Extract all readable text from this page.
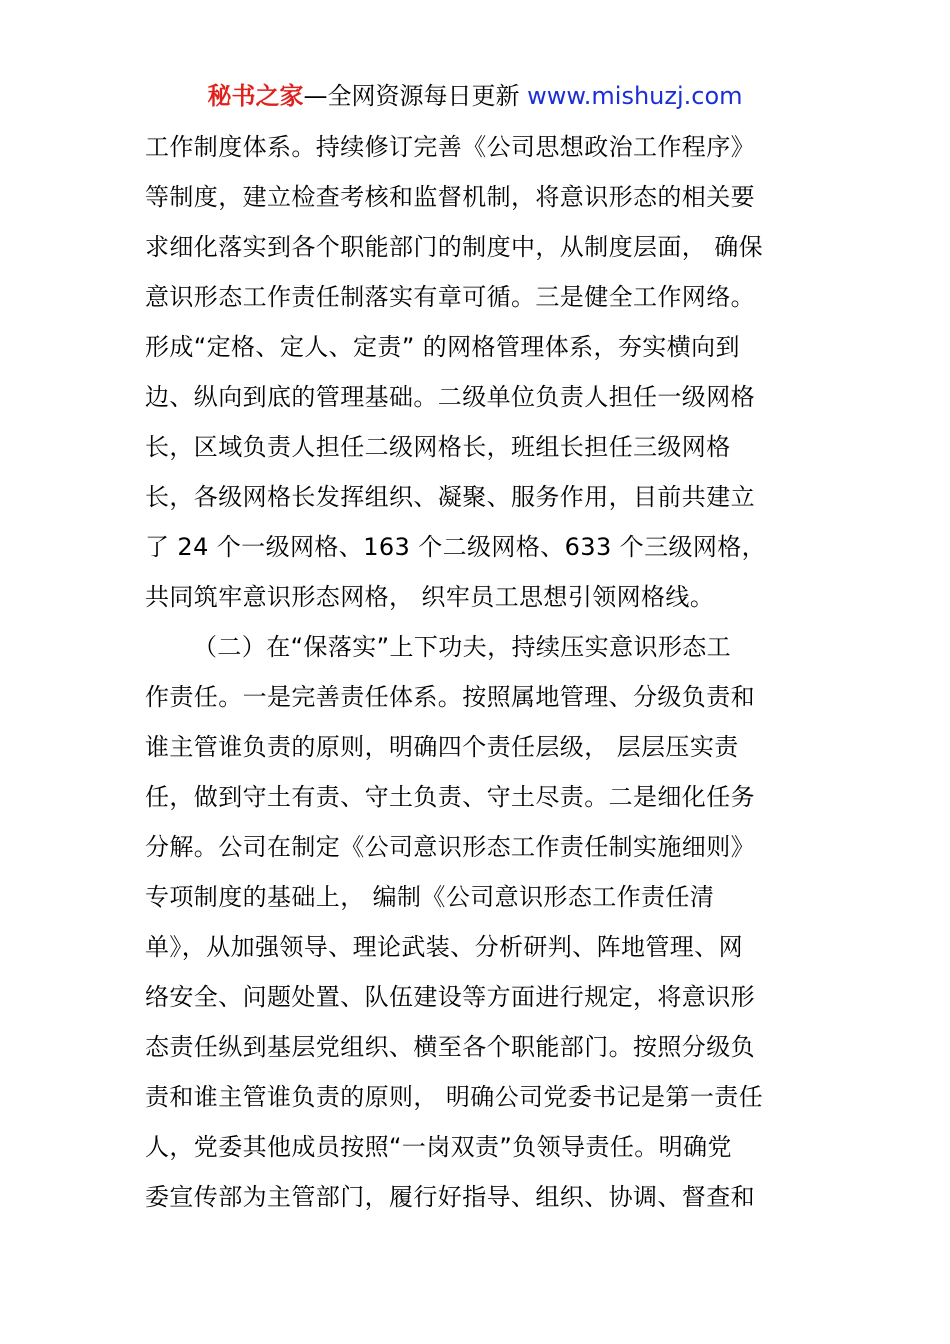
秘书之家—全网资源每日更新 www.mishuzj.com
工作制度体系。持续修订完善《公司思想政治工作程序》
等制度，建立检查考核和监督机制，将意识形态的相关要
求细化落实到各个职能部门的制度中，从制度层面， 确保
意识形态工作责任制落实有章可循。三是健全工作网络。
形成“定格、定人、定责” 的网格管理体系，夯实横向到
边、纵向到底的管理基础。二级单位负责人担任一级网格
长，区域负责人担任二级网格长，班组长担任三级网格
长，各级网格长发挥组织、凝聚、服务作用，目前共建立
了 24 个一级网格、163 个二级网格、633 个三级网格，
共同筑牢意识形态网格， 织牢员工思想引领网格线。
（二）在“保落实”上下功夫，持续压实意识形态工
作责任。一是完善责任体系。按照属地管理、分级负责和
谁主管谁负责的原则，明确四个责任层级， 层层压实责
任，做到守土有责、守土负责、守土尽责。二是细化任务
分解。公司在制定《公司意识形态工作责任制实施细则》
专项制度的基础上， 编制《公司意识形态工作责任清
单》，从加强领导、理论武装、分析研判、阵地管理、网
络安全、问题处置、队伍建设等方面进行规定，将意识形
态责任纵到基层党组织、横至各个职能部门。按照分级负
责和谁主管谁负责的原则， 明确公司党委书记是第一责任
人，党委其他成员按照“一岗双责”负领导责任。明确党
委宣传部为主管部门，履行好指导、组织、协调、督查和
